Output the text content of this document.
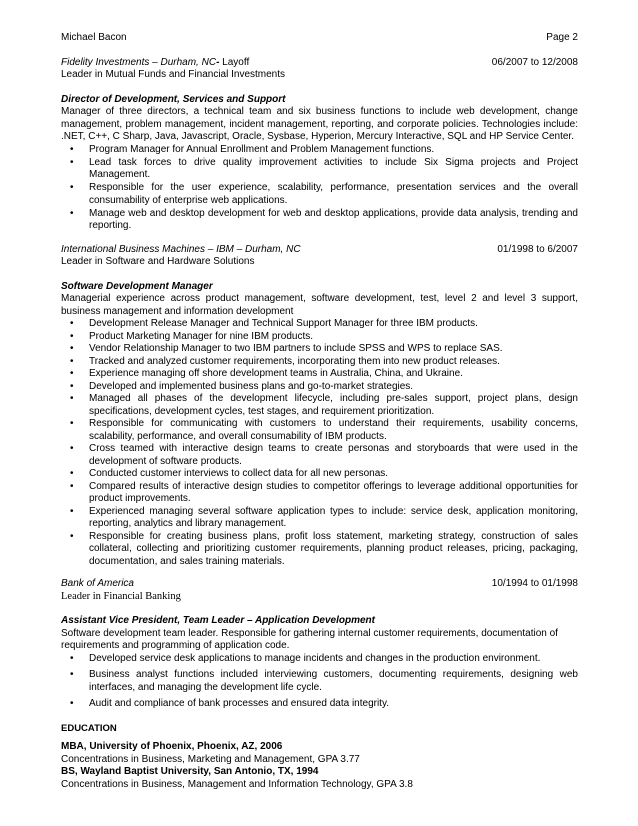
Michael Bacon	Page 2
Fidelity Investments – Durham, NC- Layoff	06/2007 to 12/2008
Leader in Mutual Funds and Financial Investments
Director of Development, Services and Support
Manager of three directors, a technical team and six business functions to include web development, change management, problem management, incident management, reporting, and corporate policies. Technologies include: .NET, C++, C Sharp, Java, Javascript, Oracle, Sysbase, Hyperion, Mercury Interactive, SQL and HP Service Center.
• Program Manager for Annual Enrollment and Problem Management functions.
• Lead task forces to drive quality improvement activities to include Six Sigma projects and Project Management.
• Responsible for the user experience, scalability, performance, presentation services and the overall consumability of enterprise web applications.
• Manage web and desktop development for web and desktop applications, provide data analysis, trending and reporting.
International Business Machines – IBM – Durham, NC	01/1998 to 6/2007
Leader in Software and Hardware Solutions
Software Development Manager
Managerial experience across product management, software development, test, level 2 and level 3 support, business management and information development
• Development Release Manager and Technical Support Manager for three IBM products.
• Product Marketing Manager for nine IBM products.
• Vendor Relationship Manager to two IBM partners to include SPSS and WPS to replace SAS.
• Tracked and analyzed customer requirements, incorporating them into new product releases.
• Experience managing off shore development teams in Australia, China, and Ukraine.
• Developed and implemented business plans and go-to-market strategies.
• Managed all phases of the development lifecycle, including pre-sales support, project plans, design specifications, development cycles, test stages, and requirement prioritization.
• Responsible for communicating with customers to understand their requirements, usability concerns, scalability, performance, and overall consumability of IBM products.
• Cross teamed with interactive design teams to create personas and storyboards that were used in the development of software products.
• Conducted customer interviews to collect data for all new personas.
• Compared results of interactive design studies to competitor offerings to leverage additional opportunities for product improvements.
• Experienced managing several software application types to include: service desk, application monitoring, reporting, analytics and library management.
• Responsible for creating business plans, profit loss statement, marketing strategy, construction of sales collateral, collecting and prioritizing customer requirements, planning product releases, pricing, packaging, documentation, and sales training materials.
Bank of America	10/1994 to 01/1998
Leader in Financial Banking
Assistant Vice President, Team Leader – Application Development
Software development team leader. Responsible for gathering internal customer requirements, documentation of requirements and programming of application code.
• Developed service desk applications to manage incidents and changes in the production environment.
• Business analyst functions included interviewing customers, documenting requirements, designing web interfaces, and managing the development life cycle.
• Audit and compliance of bank processes and ensured data integrity.
EDUCATION
MBA, University of Phoenix, Phoenix, AZ, 2006
Concentrations in Business, Marketing and Management, GPA 3.77
BS, Wayland Baptist University, San Antonio, TX, 1994
Concentrations in Business, Management and Information Technology, GPA 3.8
